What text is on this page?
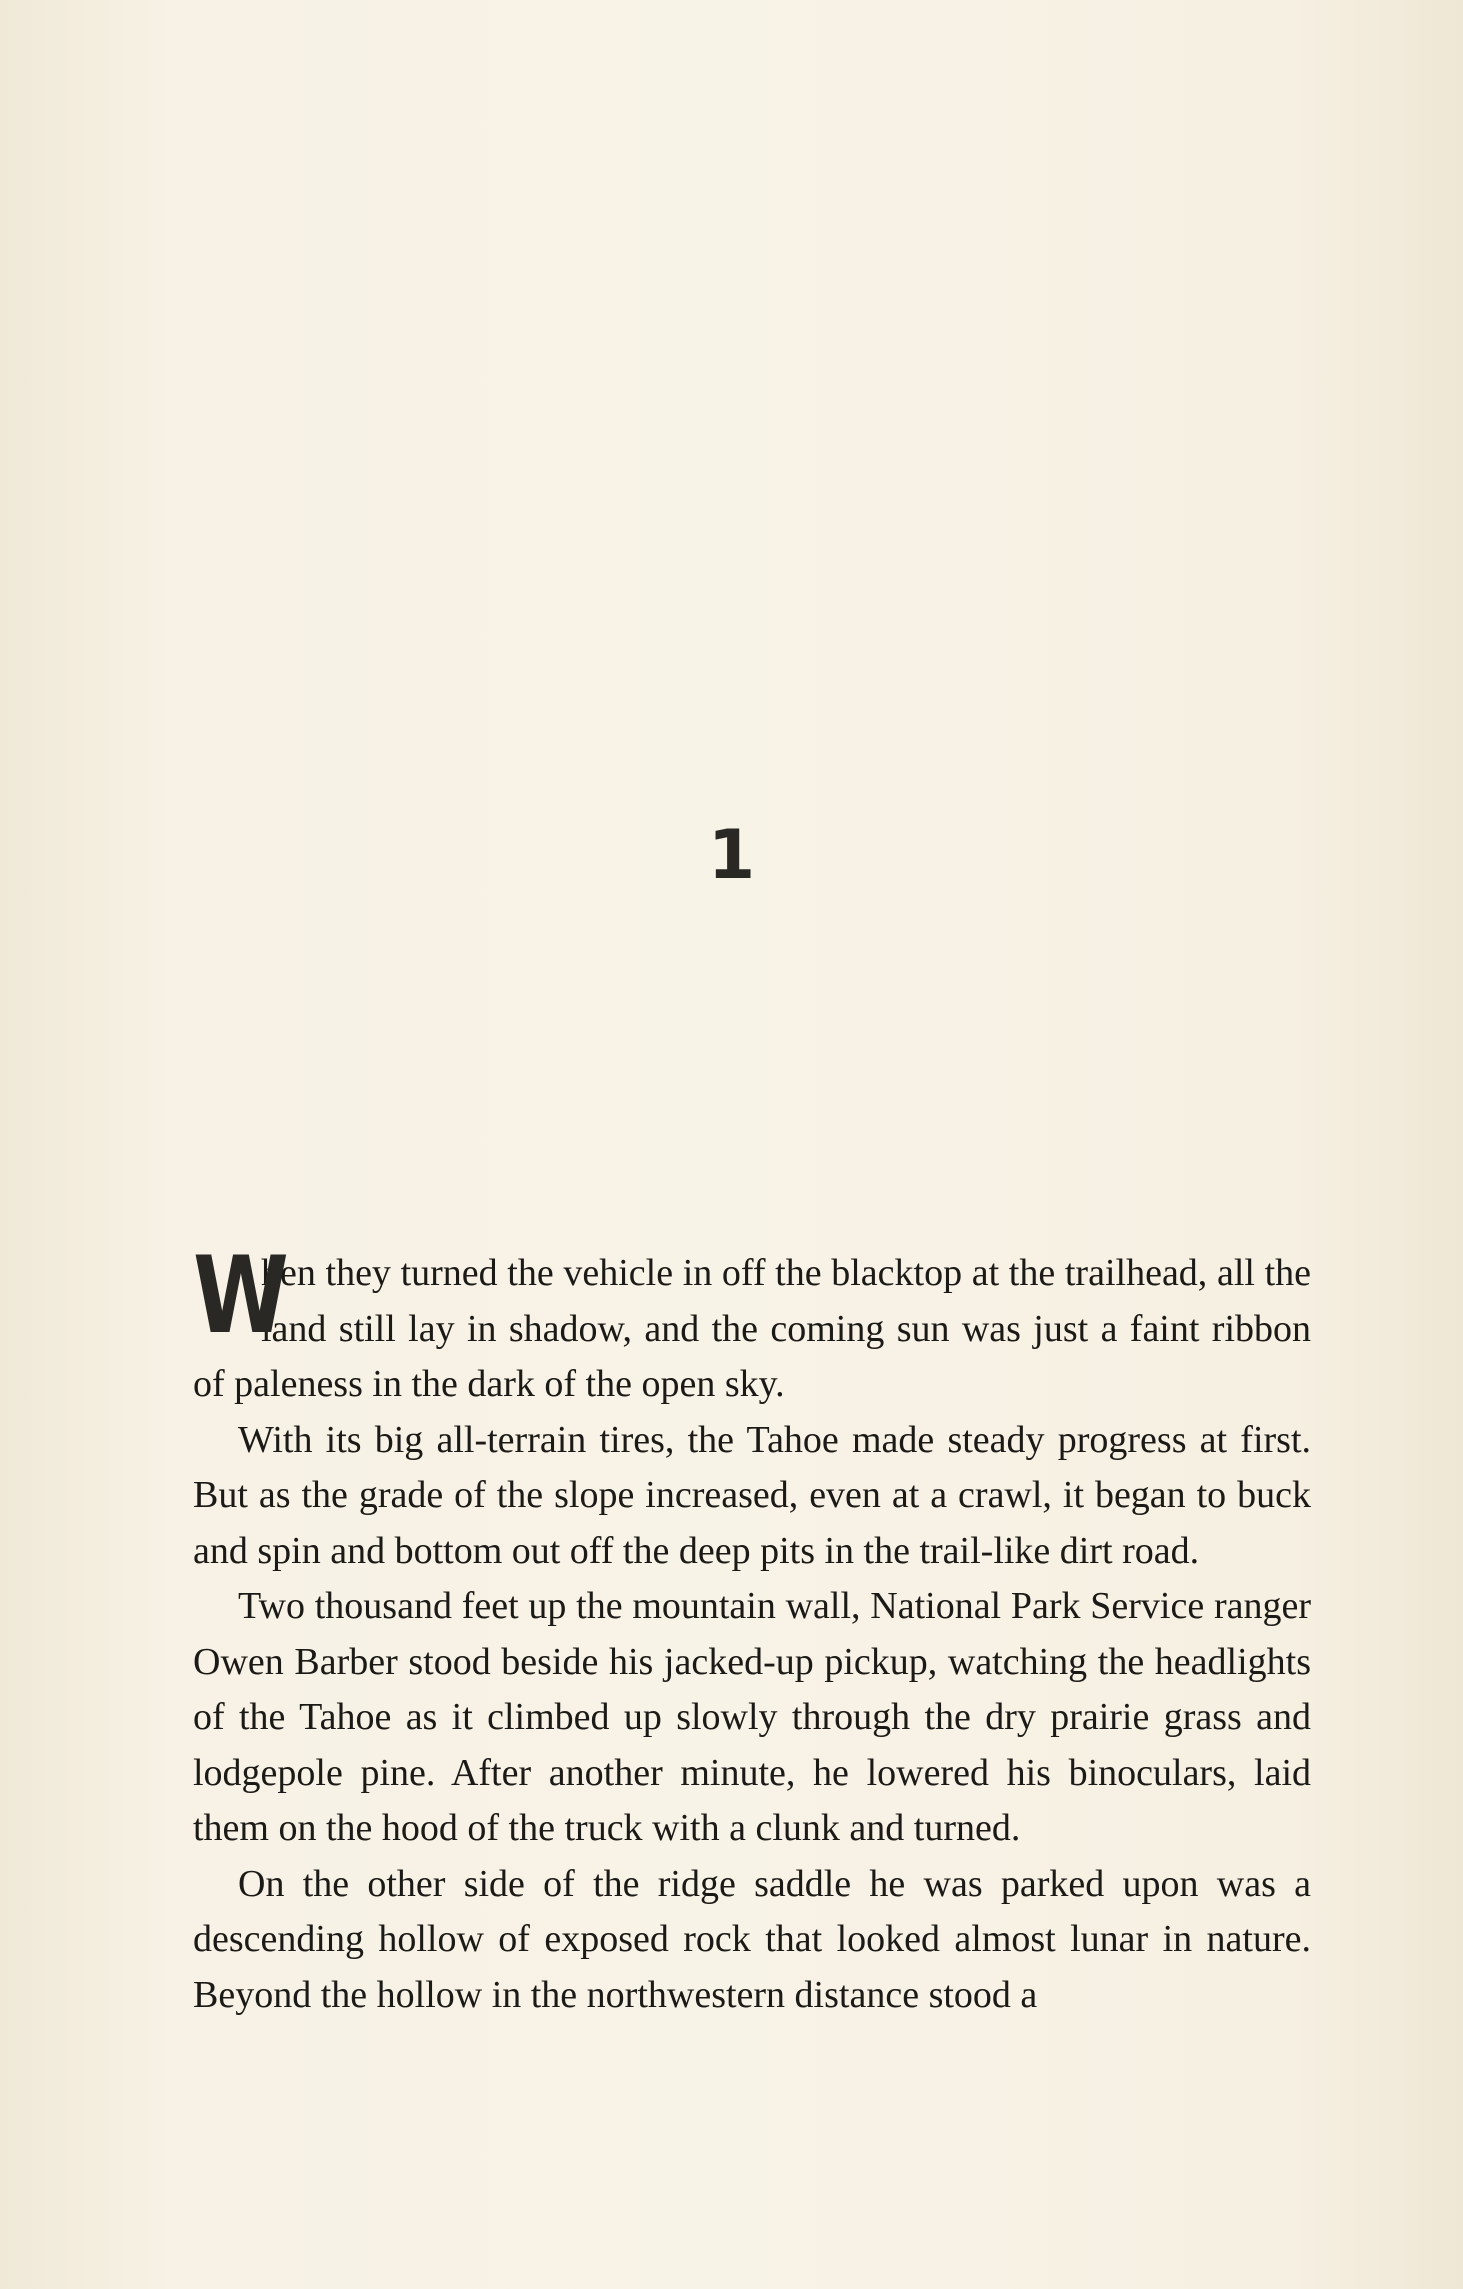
1

W
hen they turned the vehicle in off the blacktop at the trailhead, all the land still lay in shadow, and the coming sun was just a faint ribbon of paleness in the dark of the open sky.

With its big all-terrain tires, the Tahoe made steady progress at first. But as the grade of the slope increased, even at a crawl, it began to buck and spin and bottom out off the deep pits in the trail-like dirt road.

Two thousand feet up the mountain wall, National Park Service ranger Owen Barber stood beside his jacked-up pickup, watching the headlights of the Tahoe as it climbed up slowly through the dry prairie grass and lodgepole pine. After another minute, he lowered his binoculars, laid them on the hood of the truck with a clunk and turned.

On the other side of the ridge saddle he was parked upon was a descending hollow of exposed rock that looked almost lunar in nature. Beyond the hollow in the northwestern distance stood a
